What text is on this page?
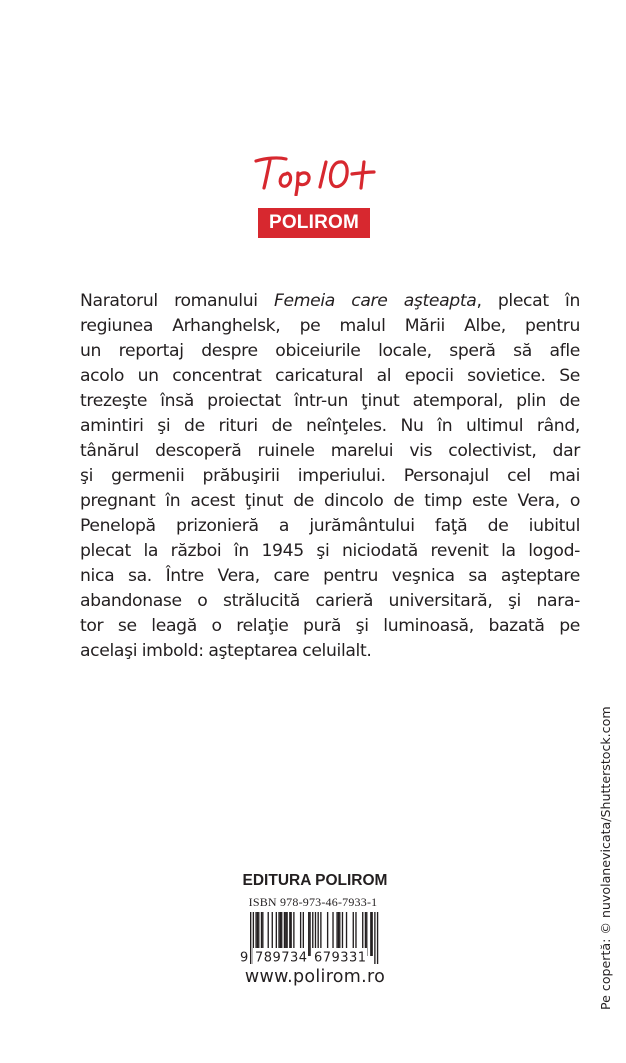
POLIROM
Naratorul romanului Femeia care aşteapta, plecat în
regiunea Arhanghelsk, pe malul Mării Albe, pentru
un reportaj despre obiceiurile locale, speră să afle
acolo un concentrat caricatural al epocii sovietice. Se
trezeşte însă proiectat într-un ţinut atemporal, plin de
amintiri şi de rituri de neînţeles. Nu în ultimul rând,
tânărul descoperă ruinele marelui vis colectivist, dar
şi germenii prăbuşirii imperiului. Personajul cel mai
pregnant în acest ţinut de dincolo de timp este Vera, o
Penelopă prizonieră a jurământului faţă de iubitul
plecat la război în 1945 şi niciodată revenit la logod-
nica sa. Între Vera, care pentru veşnica sa aşteptare
abandonase o strălucită carieră universitară, şi nara-
tor se leagă o relaţie pură şi luminoasă, bazată pe
acelaşi imbold: aşteptarea celuilalt.
EDITURA POLIROM
ISBN 978-973-46-7933-1
9 789734 679331
www.polirom.ro	Pe copertă: © nuvolanevicata/Shutterstock.com
